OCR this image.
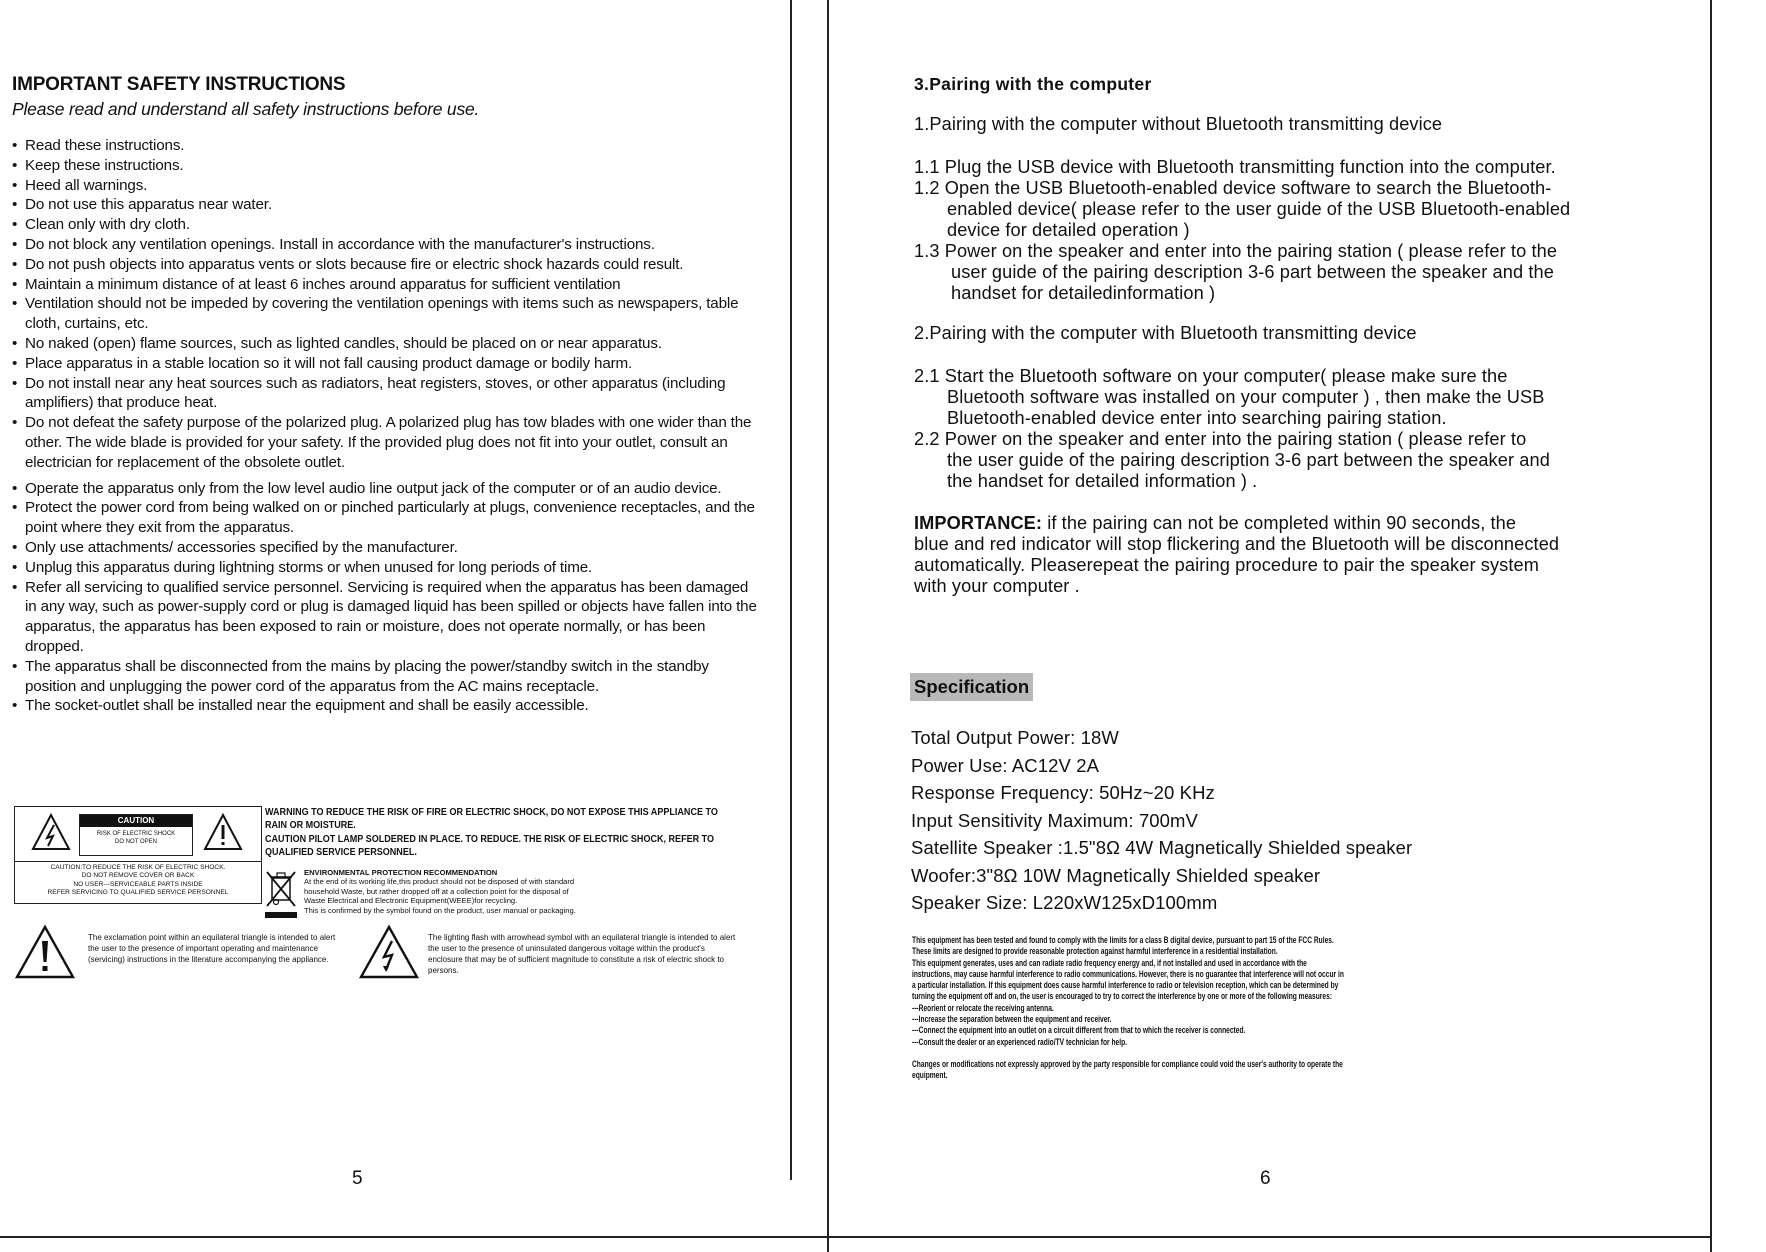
IMPORTANT SAFETY INSTRUCTIONS
Please read and understand all safety instructions before use.
• Read these instructions.
• Keep these instructions.
• Heed all warnings.
• Do not use this apparatus near water.
• Clean only with dry cloth.
• Do not block any ventilation openings. Install in accordance with the manufacturer's instructions.
• Do not push objects into apparatus vents or slots because fire or electric shock hazards could result.
• Maintain a minimum distance of at least 6 inches around apparatus for sufficient ventilation
• Ventilation should not be impeded by covering the ventilation openings with items such as newspapers, table cloth, curtains, etc.
• No naked (open) flame sources, such as lighted candles, should be placed on or near apparatus.
• Place apparatus in a stable location so it will not fall causing product damage or bodily harm.
• Do not install near any heat sources such as radiators, heat registers, stoves, or other apparatus (including amplifiers) that produce heat.
• Do not defeat the safety purpose of the polarized plug. A polarized plug has tow blades with one wider than the other. The wide blade is provided for your safety. If the provided plug does not fit into your outlet, consult an electrician for replacement of the obsolete outlet.
• Operate the apparatus only from the low level audio line output jack of the computer or of an audio device.
• Protect the power cord from being walked on or pinched particularly at plugs, convenience receptacles, and the point where they exit from the apparatus.
• Only use attachments/ accessories specified by the manufacturer.
• Unplug this apparatus during lightning storms or when unused for long periods of time.
• Refer all servicing to qualified service personnel. Servicing is required when the apparatus has been damaged in any way, such as power-supply cord or plug is damaged liquid has been spilled or objects have fallen into the apparatus, the apparatus has been exposed to rain or moisture, does not operate normally, or has been dropped.
• The apparatus shall be disconnected from the mains by placing the power/standby switch in the standby position and unplugging the power cord of the apparatus from the AC mains receptacle.
• The socket-outlet shall be installed near the equipment and shall be easily accessible.
CAUTION
RISK OF ELECTRIC SHOCK
DO NOT OPEN
CAUTION:TO REDUCE THE RISK OF ELECTRIC SHOCK.
DO NOT REMOVE COVER OR BACK
NO USER---SERVICEABLE PARTS INSIDE
REFER SERVICING TO QUALIFIED SERVICE PERSONNEL
WARNING TO REDUCE THE RISK OF FIRE OR ELECTRIC SHOCK, DO NOT EXPOSE THIS APPLIANCE TO
RAIN OR MOISTURE.
CAUTION PILOT LAMP SOLDERED IN PLACE. TO REDUCE. THE RISK OF ELECTRIC SHOCK, REFER TO
QUALIFIED SERVICE PERSONNEL.
ENVIRONMENTAL PROTECTION RECOMMENDATION
At the end of its working life,this product should not be disposed of with standard
household Waste, but rather dropped off at a collection point for the disposal of
Waste Electrical and Electronic Equipment(WEEE)for recycling.
This is confirmed by the symbol found on the product, user manual or packaging.
The exclamation point within an equilateral triangle is intended to alert the user to the presence of important operating and maintenance (servicing) instructions in the literature accompanying the appliance.
The lighting flash with arrowhead symbol with an equilateral triangle is intended to alert the user to the presence of uninsulated dangerous voltage within the product's enclosure that may be of sufficient magnitude to constitute a risk of electric shock to persons.
5
3.Pairing with the computer
1.Pairing with the computer without Bluetooth transmitting device
1.1 Plug the USB device with Bluetooth transmitting function into the computer.
1.2 Open the USB Bluetooth-enabled device software to search the Bluetooth-
enabled device( please refer to the user guide of the USB Bluetooth-enabled
device for detailed operation )
1.3 Power on the speaker and enter into the pairing station ( please refer to the
user guide of the pairing description 3-6 part between the speaker and the
handset for detailedinformation )
2.Pairing with the computer with Bluetooth transmitting device
2.1 Start the Bluetooth software on your computer( please make sure the
Bluetooth software was installed on your computer ) , then make the USB
Bluetooth-enabled device enter into searching pairing station.
2.2 Power on the speaker and enter into the pairing station ( please refer to
the user guide of the pairing description 3-6 part between the speaker and
the handset for detailed information ) .
IMPORTANCE: if the pairing can not be completed within 90 seconds, the
blue and red indicator will stop flickering and the Bluetooth will be disconnected
automatically. Pleaserepeat the pairing procedure to pair the speaker system
with your computer .
Specification
Total Output Power: 18W
Power Use: AC12V 2A
Response Frequency: 50Hz~20 KHz
Input Sensitivity Maximum: 700mV
Satellite Speaker :1.5"8Ω 4W Magnetically Shielded speaker
Woofer:3"8Ω 10W Magnetically Shielded speaker
Speaker Size: L220xW125xD100mm
This equipment has been tested and found to comply with the limits for a class B digital device, pursuant to part 15 of the FCC Rules.
These limits are designed to provide reasonable protection against harmful interference in a residential installation.
This equipment generates, uses and can radiate radio frequency energy and, if not installed and used in accordance with the
instructions, may cause harmful interference to radio communications. However, there is no guarantee that interference will not occur in
a particular installation. If this equipment does cause harmful interference to radio or television reception, which can be determined by
turning the equipment off and on, the user is encouraged to try to correct the interference by one or more of the following measures:
---Reorient or relocate the receiving antenna.
---Increase the separation between the equipment and receiver.
---Connect the equipment into an outlet on a circuit different from that to which the receiver is connected.
---Consult the dealer or an experienced radio/TV technician for help.
Changes or modifications not expressly approved by the party responsible for compliance could void the user's authority to operate the
equipment.
6
